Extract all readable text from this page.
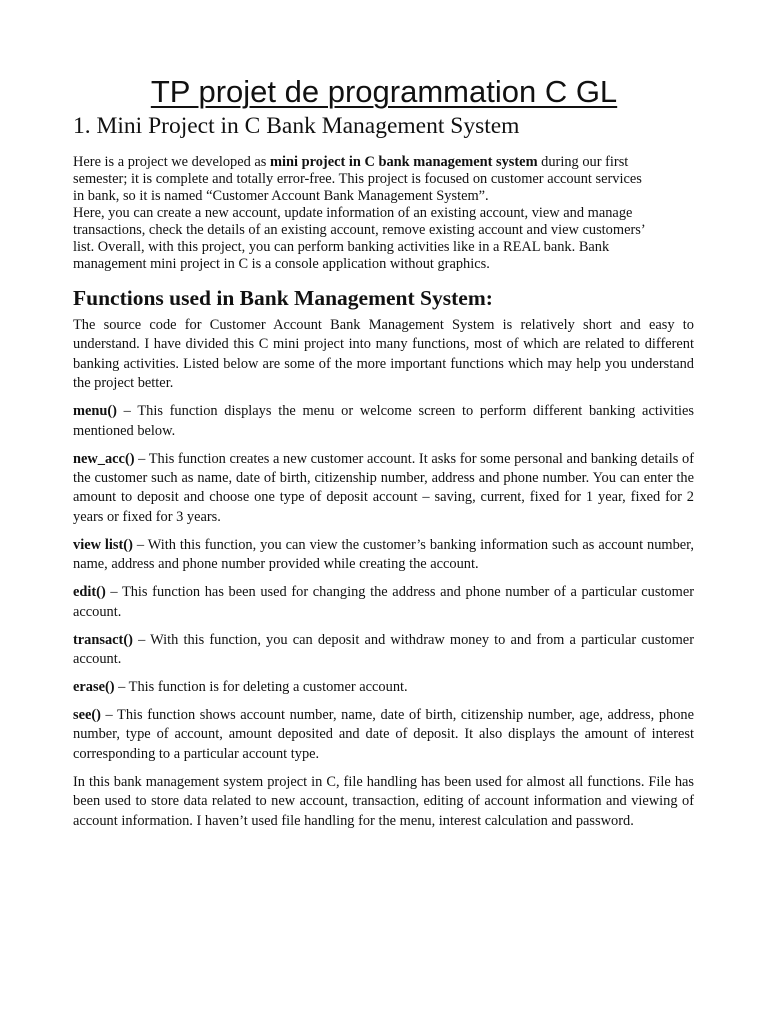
TP projet de programmation C GL
1. Mini Project in C Bank Management System
Here is a project we developed as mini project in C bank management system during our first
semester; it is complete and totally error-free. This project is focused on customer account services
in bank, so it is named “Customer Account Bank Management System”.
Here, you can create a new account, update information of an existing account, view and manage
transactions, check the details of an existing account, remove existing account and view customers’
list. Overall, with this project, you can perform banking activities like in a REAL bank. Bank
management mini project in C is a console application without graphics.
Functions used in Bank Management System:

The source code for Customer Account Bank Management System is relatively short and easy to understand. I have divided this C mini project into many functions, most of which are related to different banking activities. Listed below are some of the more important functions which may help you understand the project better.

menu() – This function displays the menu or welcome screen to perform different banking activities mentioned below.

new_acc() – This function creates a new customer account. It asks for some personal and banking details of the customer such as name, date of birth, citizenship number, address and phone number. You can enter the amount to deposit and choose one type of deposit account – saving, current, fixed for 1 year, fixed for 2 years or fixed for 3 years.

view list() – With this function, you can view the customer’s banking information such as account number, name, address and phone number provided while creating the account.

edit() – This function has been used for changing the address and phone number of a particular customer account.

transact() – With this function, you can deposit and withdraw money to and from a particular customer account.

erase() – This function is for deleting a customer account.

see() – This function shows account number, name, date of birth, citizenship number, age, address, phone number, type of account, amount deposited and date of deposit. It also displays the amount of interest corresponding to a particular account type.

In this bank management system project in C, file handling has been used for almost all functions. File has been used to store data related to new account, transaction, editing of account information and viewing of account information. I haven’t used file handling for the menu, interest calculation and password.
